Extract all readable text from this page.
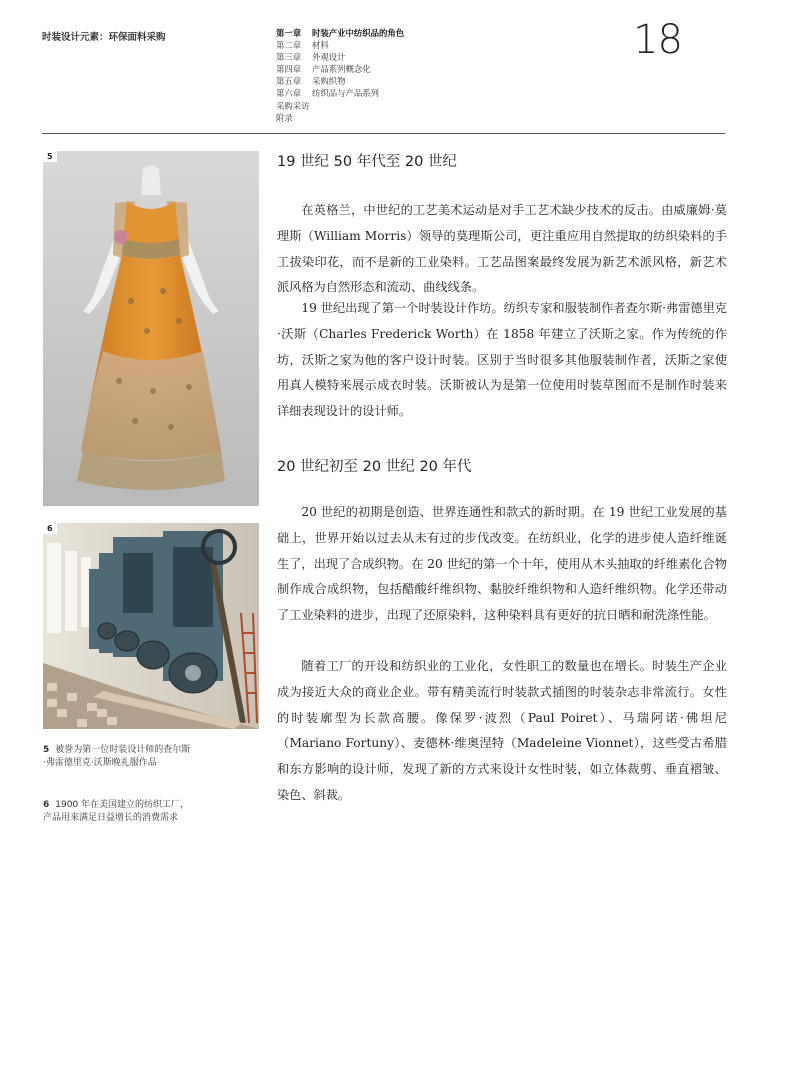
时装设计元素：环保面料采购	第一章 时装产业中纺织品的角色
第二章 材料
第三章 外观设计
第四章 产品系列概念化
第五章 采购织物
第六章 纺织品与产品系列
采购采访
附录
18
5
6
5 被誉为第一位时装设计师的查尔斯·弗雷德里克·沃斯晚礼服作品
6 1900 年在美国建立的纺织工厂，产品用来满足日益增长的消费需求
19 世纪 50 年代至 20 世纪

在英格兰，中世纪的工艺美术运动是对手工艺术缺少技术的反击。由威廉姆·莫理斯（William Morris）领导的莫理斯公司，更注重应用自然提取的纺织染料的手工拔染印花，而不是新的工业染料。工艺品图案最终发展为新艺术派风格，新艺术派风格为自然形态和流动、曲线线条。

19 世纪出现了第一个时装设计作坊。纺织专家和服装制作者查尔斯·弗雷德里克·沃斯（Charles Frederick Worth）在 1858 年建立了沃斯之家。作为传统的作坊，沃斯之家为他的客户设计时装。区别于当时很多其他服装制作者，沃斯之家使用真人模特来展示成衣时装。沃斯被认为是第一位使用时装草图而不是制作时装来详细表现设计的设计师。

20 世纪初至 20 世纪 20 年代

20 世纪的初期是创造、世界连通性和款式的新时期。在 19 世纪工业发展的基础上，世界开始以过去从未有过的步伐改变。在纺织业，化学的进步使人造纤维诞生了，出现了合成织物。在 20 世纪的第一个十年，使用从木头抽取的纤维素化合物制作成合成织物，包括醋酸纤维织物、黏胶纤维织物和人造纤维织物。化学还带动了工业染料的进步，出现了还原染料，这种染料具有更好的抗日晒和耐洗涤性能。

随着工厂的开设和纺织业的工业化，女性职工的数量也在增长。时装生产企业成为接近大众的商业企业。带有精美流行时装款式插图的时装杂志非常流行。女性的时装廓型为长款高腰。像保罗·波烈（Paul Poiret）、马瑞阿诺·佛坦尼（Mariano Fortuny）、麦德林·维奥涅特（Madeleine Vionnet），这些受古希腊和东方影响的设计师，发现了新的方式来设计女性时装，如立体裁剪、垂直褶皱、染色、斜裁。
